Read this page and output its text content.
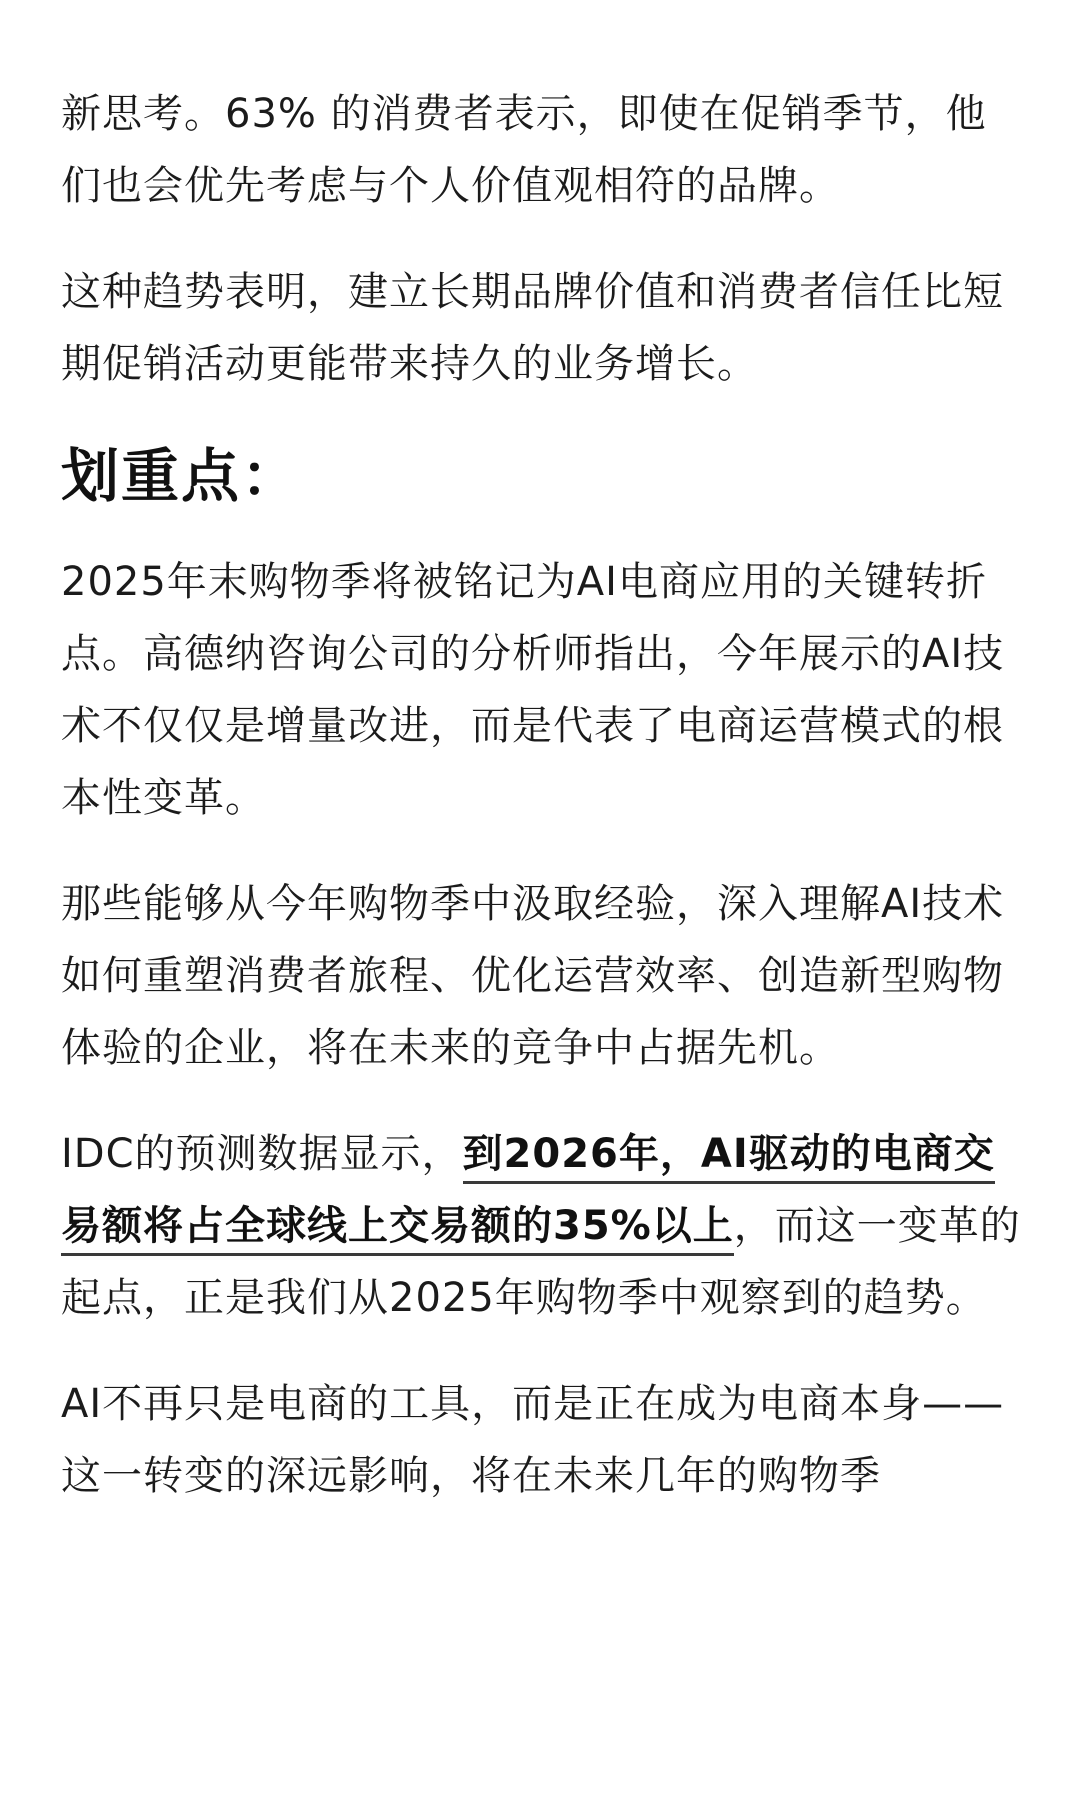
新思考。63% 的消费者表示，即使在促销季节，他们也会优先考虑与个人价值观相符的品牌。

这种趋势表明，建立长期品牌价值和消费者信任比短期促销活动更能带来持久的业务增长。

划重点：

2025年末购物季将被铭记为AI电商应用的关键转折点。高德纳咨询公司的分析师指出，今年展示的AI技术不仅仅是增量改进，而是代表了电商运营模式的根本性变革。

那些能够从今年购物季中汲取经验，深入理解AI技术如何重塑消费者旅程、优化运营效率、创造新型购物体验的企业，将在未来的竞争中占据先机。

IDC的预测数据显示，到2026年，AI驱动的电商交易额将占全球线上交易额的35%以上，而这一变革的起点，正是我们从2025年购物季中观察到的趋势。

AI不再只是电商的工具，而是正在成为电商本身——这一转变的深远影响，将在未来几年的购物季
